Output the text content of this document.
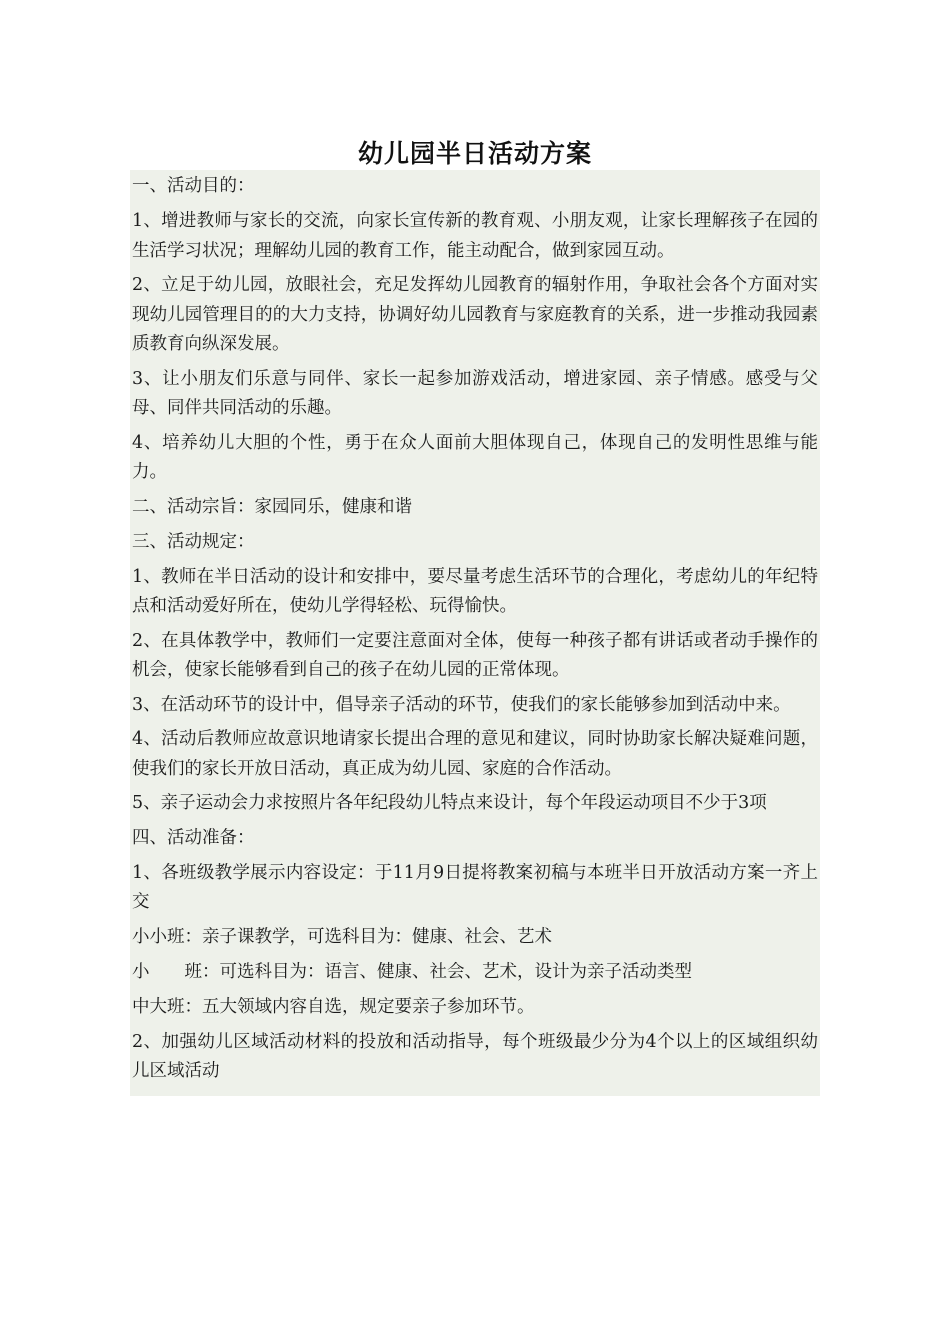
幼儿园半日活动方案

一、活动目的：

1、增进教师与家长的交流，向家长宣传新的教育观、小朋友观，让家长理解孩子在园的生活学习状况；理解幼儿园的教育工作，能主动配合，做到家园互动。

2、立足于幼儿园，放眼社会，充足发挥幼儿园教育的辐射作用，争取社会各个方面对实现幼儿园管理目的的大力支持，协调好幼儿园教育与家庭教育的关系，进一步推动我园素质教育向纵深发展。

3、让小朋友们乐意与同伴、家长一起参加游戏活动，增进家园、亲子情感。感受与父母、同伴共同活动的乐趣。

4、培养幼儿大胆的个性，勇于在众人面前大胆体现自己，体现自己的发明性思维与能力。

二、活动宗旨：家园同乐，健康和谐

三、活动规定：

1、教师在半日活动的设计和安排中，要尽量考虑生活环节的合理化，考虑幼儿的年纪特点和活动爱好所在，使幼儿学得轻松、玩得愉快。

2、在具体教学中，教师们一定要注意面对全体，使每一种孩子都有讲话或者动手操作的机会，使家长能够看到自己的孩子在幼儿园的正常体现。

3、在活动环节的设计中，倡导亲子活动的环节，使我们的家长能够参加到活动中来。

4、活动后教师应故意识地请家长提出合理的意见和建议，同时协助家长解决疑难问题，使我们的家长开放日活动，真正成为幼儿园、家庭的合作活动。

5、亲子运动会力求按照片各年纪段幼儿特点来设计，每个年段运动项目不少于3项

四、活动准备：

1、各班级教学展示内容设定：于11月9日提将教案初稿与本班半日开放活动方案一齐上交

小小班：亲子课教学，可选科目为：健康、社会、艺术

小　　班：可选科目为：语言、健康、社会、艺术，设计为亲子活动类型

中大班：五大领域内容自选，规定要亲子参加环节。

2、加强幼儿区域活动材料的投放和活动指导，每个班级最少分为4个以上的区域组织幼儿区域活动
